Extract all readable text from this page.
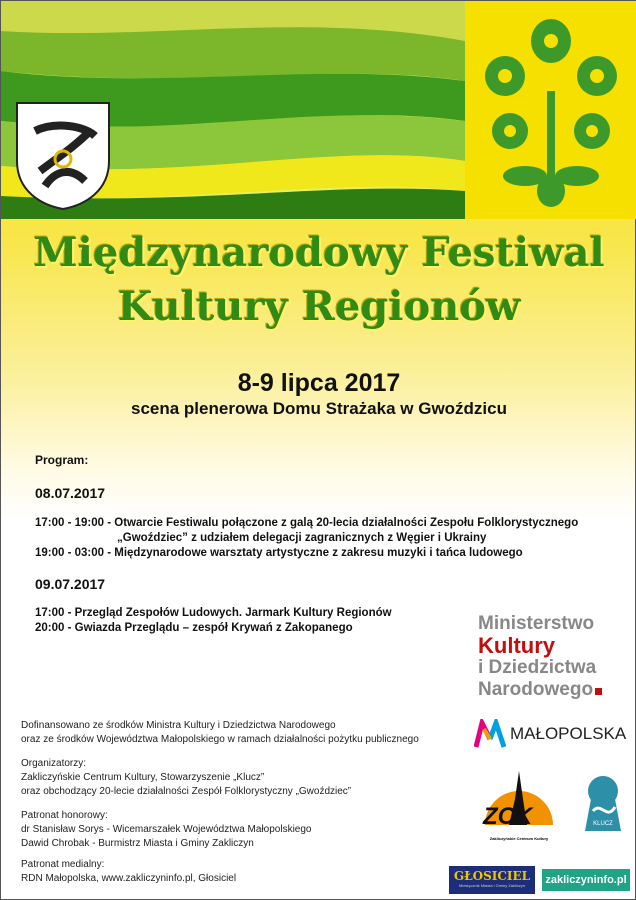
Międzynarodowy Festiwal
Kultury Regionów
8-9 lipca 2017
scena plenerowa Domu Strażaka w Gwoździcu
Program:
08.07.2017
17:00 - 19:00 - Otwarcie Festiwalu połączone z galą 20-lecia działalności Zespołu Folklorystycznego
„Gwoździec” z udziałem delegacji zagranicznych z Węgier i Ukrainy
19:00 - 03:00 - Międzynarodowe warsztaty artystyczne z zakresu muzyki i tańca ludowego
09.07.2017
17:00 - Przegląd Zespołów Ludowych. Jarmark Kultury Regionów
20:00 - Gwiazda Przeglądu – zespół Krywań z Zakopanego
Dofinansowano ze środków Ministra Kultury i Dziedzictwa Narodowego
oraz ze środków Województwa Małopolskiego w ramach działalności pożytku publicznego
Organizatorzy:
Zakliczyńskie Centrum Kultury, Stowarzyszenie „Klucz”
oraz obchodzący 20-lecie działalności Zespół Folklorystyczny „Gwoździec”
Patronat honorowy:
dr Stanisław Sorys - Wicemarszałek Województwa Małopolskiego
Dawid Chrobak - Burmistrz Miasta i Gminy Zakliczyn
Patronat medialny:
RDN Małopolska, www.zakliczyninfo.pl, Głosiciel
Ministerstwo
Kultury
i Dziedzictwa
Narodowego
MAŁOPOLSKA
ZCK
Zakliczyńskie Centrum Kultury
KLUCZ
GŁOSICIEL
Miesięcznik Miasta i Gminy Zakliczyn	zakliczyninfo.pl
